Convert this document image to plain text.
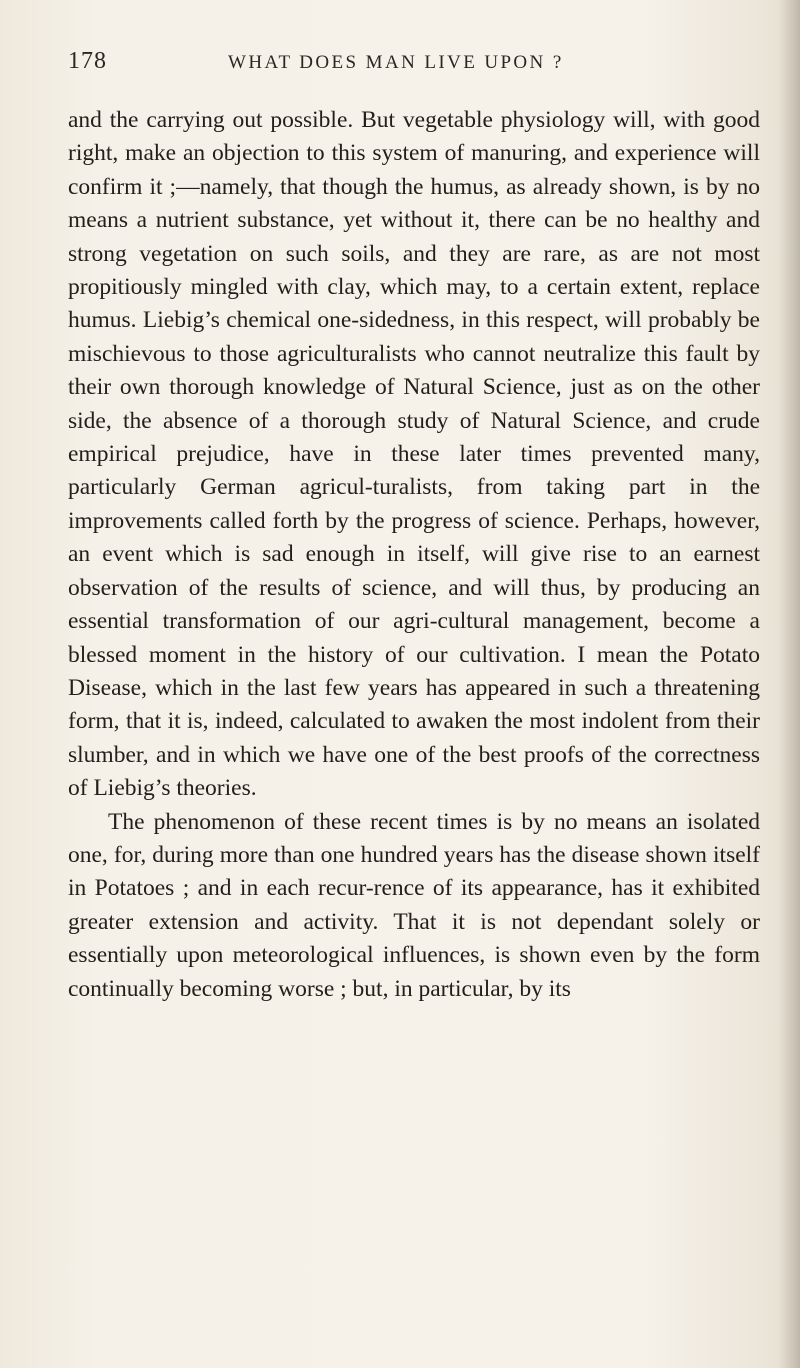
178	WHAT DOES MAN LIVE UPON ?

and the carrying out possible. But vegetable physiology will, with good right, make an objection to this system of manuring, and experience will confirm it ;—namely, that though the humus, as already shown, is by no means a nutrient substance, yet without it, there can be no healthy and strong vegetation on such soils, and they are rare, as are not most propitiously mingled with clay, which may, to a certain extent, replace humus. Liebig’s chemical one-sidedness, in this respect, will probably be mischievous to those agriculturalists who cannot neutralize this fault by their own thorough knowledge of Natural Science, just as on the other side, the absence of a thorough study of Natural Science, and crude empirical prejudice, have in these later times prevented many, particularly German agricul-turalists, from taking part in the improvements called forth by the progress of science. Perhaps, however, an event which is sad enough in itself, will give rise to an earnest observation of the results of science, and will thus, by producing an essential transformation of our agri-cultural management, become a blessed moment in the history of our cultivation. I mean the Potato Disease, which in the last few years has appeared in such a threatening form, that it is, indeed, calculated to awaken the most indolent from their slumber, and in which we have one of the best proofs of the correctness of Liebig’s theories.

The phenomenon of these recent times is by no means an isolated one, for, during more than one hundred years has the disease shown itself in Potatoes ; and in each recur-rence of its appearance, has it exhibited greater extension and activity. That it is not dependant solely or essentially upon meteorological influences, is shown even by the form continually becoming worse ; but, in particular, by its
